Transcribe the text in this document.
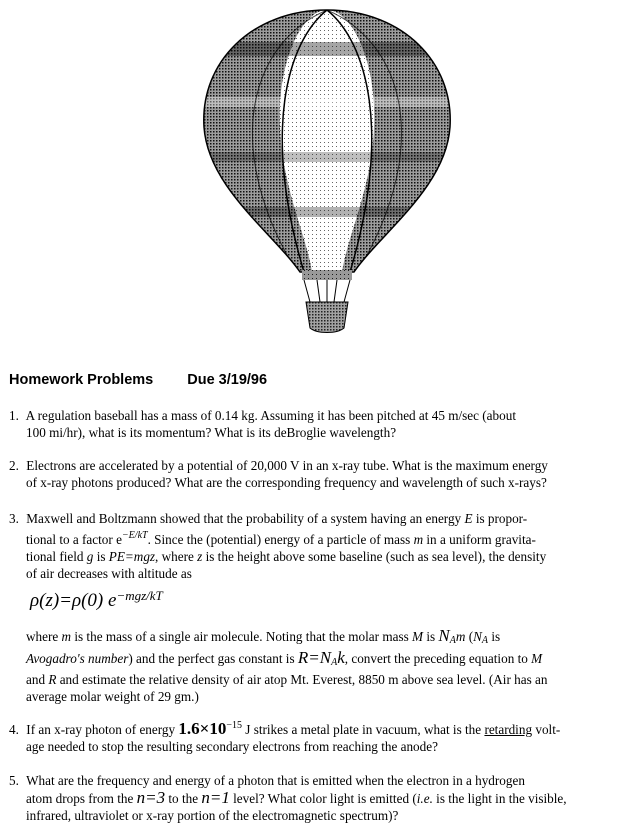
Homework Problems Due 3/19/96
1. A regulation baseball has a mass of 0.14 kg. Assuming it has been pitched at 45 m/sec (about
100 mi/hr), what is its momentum? What is its deBroglie wavelength?
2. Electrons are accelerated by a potential of 20,000 V in an x-ray tube. What is the maximum energy
of x-ray photons produced? What are the corresponding frequency and wavelength of such x-rays?
3. Maxwell and Boltzmann showed that the probability of a system having an energy E is propor-
tional to a factor $e^{-E/kT}$. Since the (potential) energy of a particle of mass m in a uniform gravita-
tional field g is PE=mgz, where z is the height above some baseline (such as sea level), the density
of air decreases with altitude as
ρ(z)=ρ(0) $e^{-mgz/kT}$
where m is the mass of a single air molecule. Noting that the molar mass M is $N_Am$ ($N_A$ is
Avogadro's number) and the perfect gas constant is $R=N_Ak$, convert the preceding equation to M
and R and estimate the relative density of air atop Mt. Everest, 8850 m above sea level. (Air has an
average molar weight of 29 gm.)
4. If an x-ray photon of energy $1.6\times 10^{-15}$ J strikes a metal plate in vacuum, what is the retarding volt-
age needed to stop the resulting secondary electrons from reaching the anode?
5. What are the frequency and energy of a photon that is emitted when the electron in a hydrogen
atom drops from the n=3 to the n=1 level? What color light is emitted (i.e. is the light in the visible,
infrared, ultraviolet or x-ray portion of the electromagnetic spectrum)?
